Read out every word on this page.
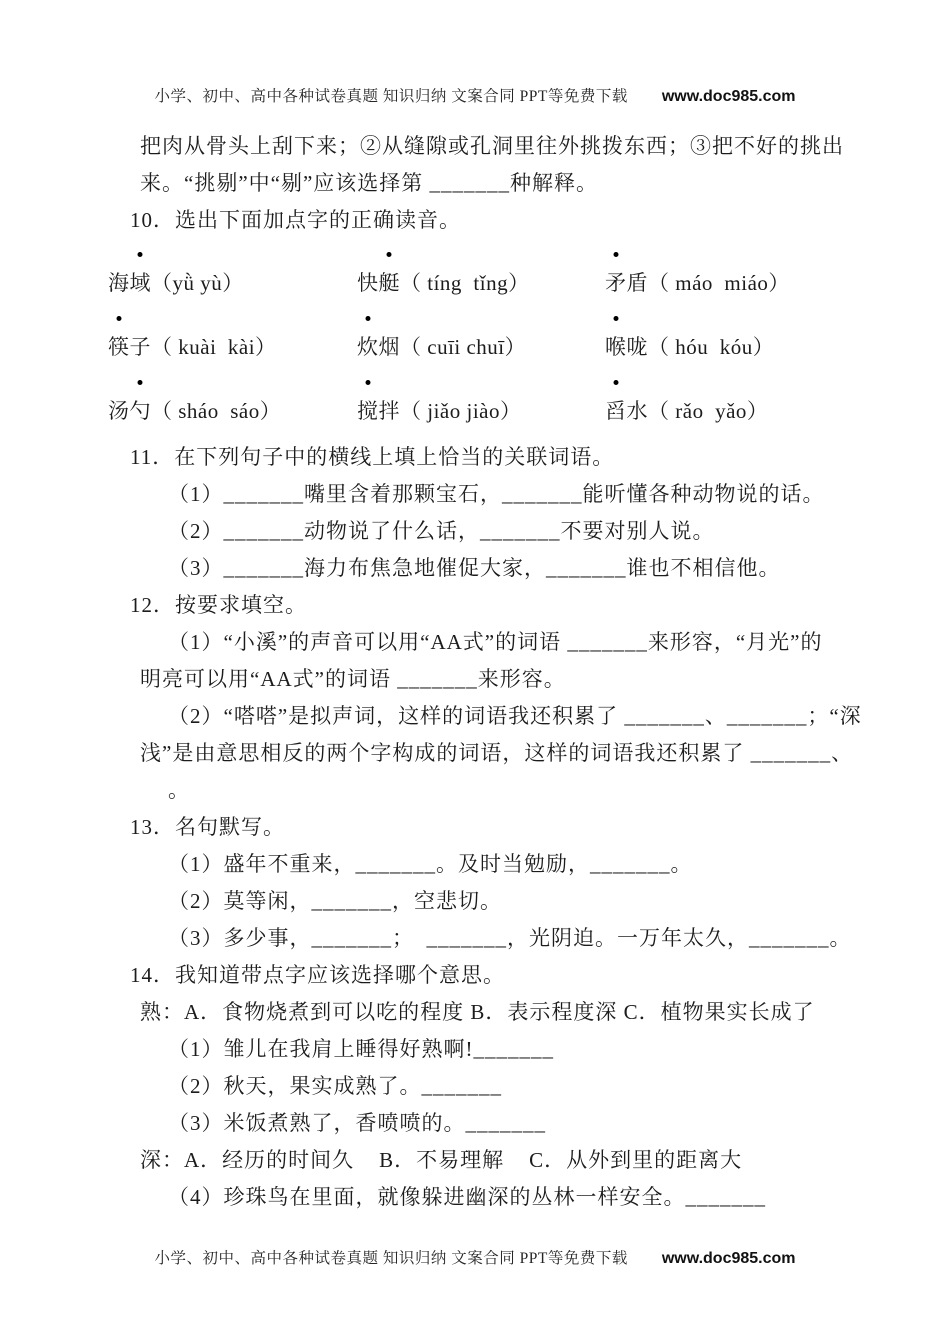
小学、初中、高中各种试卷真题 知识归纳 文案合同 PPT等免费下载 www.doc985.com

把肉从骨头上刮下来；②从缝隙或孔洞里往外挑拨东西；③把不好的挑出

来。“挑剔”中“剔”应该选择第 _______种解释。

10．选出下面加点字的正确读音。

海域（yǜ yù）	快艇（ tíng  tǐng）	矛盾（ máo  miáo）
筷子（ kuài  kài）	炊烟（ cuīi chuī）	喉咙（ hóu  kóu）
汤勺（ sháo  sáo）	搅拌（ jiǎo jiào）	舀水（ rǎo  yǎo）

11．在下列句子中的横线上填上恰当的关联词语。

（1）_______嘴里含着那颗宝石，_______能听懂各种动物说的话。

（2）_______动物说了什么话，_______不要对别人说。

（3）_______海力布焦急地催促大家，_______谁也不相信他。

12．按要求填空。

（1）“小溪”的声音可以用“AA式”的词语 _______来形容，“月光”的

明亮可以用“AA式”的词语 _______来形容。

（2）“嗒嗒”是拟声词，这样的词语我还积累了 _______、_______；“深

浅”是由意思相反的两个字构成的词语，这样的词语我还积累了 _______、

。

13．名句默写。

（1）盛年不重来，_______。及时当勉励，_______。

（2）莫等闲，_______，空悲切。

（3）多少事，_______；  _______，光阴迫。一万年太久，_______。

14．我知道带点字应该选择哪个意思。

熟：A．食物烧煮到可以吃的程度 B．表示程度深 C．植物果实长成了

（1）雏儿在我肩上睡得好熟啊!_______

（2）秋天，果实成熟了。_______

（3）米饭煮熟了，香喷喷的。_______

深：A．经历的时间久    B．不易理解    C．从外到里的距离大

（4）珍珠鸟在里面，就像躲进幽深的丛林一样安全。_______

小学、初中、高中各种试卷真题 知识归纳 文案合同 PPT等免费下载 www.doc985.com
